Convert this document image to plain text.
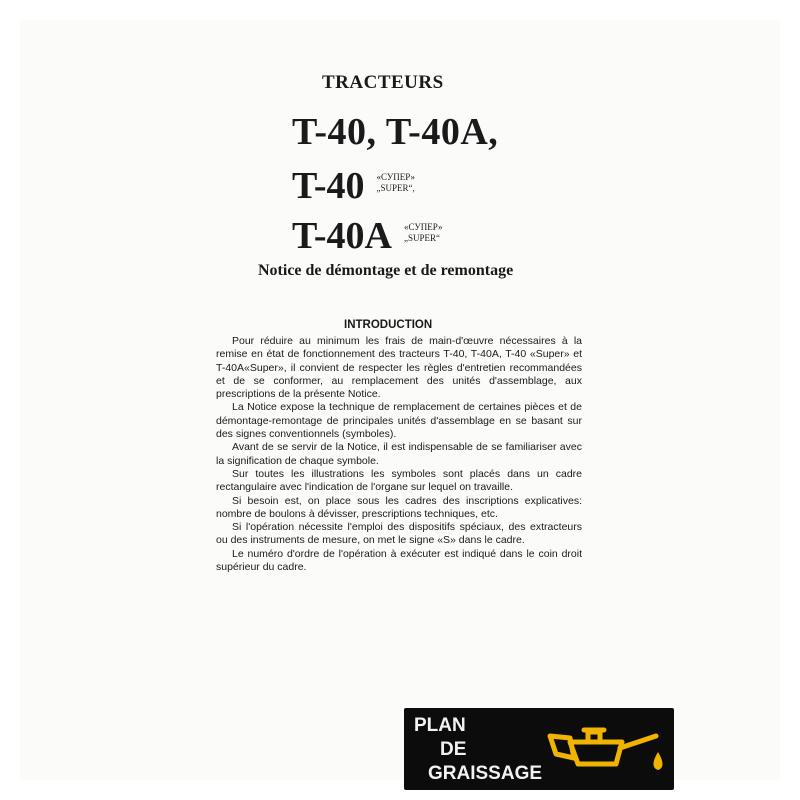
TRACTEURS
T-40, T-40A,
T-40 «СУПЕР»
„SUPER“,
T-40A «СУПЕР»
„SUPER“
Notice de démontage et de remontage
INTRODUCTION

Pour réduire au minimum les frais de main-d'œuvre nécessaires à la remise en état de fonctionnement des tracteurs T-40, T-40A, T-40 «Super» et T-40A«Super», il convient de respecter les règles d'entretien recommandées et de se conformer, au remplacement des unités d'assemblage, aux prescriptions de la présente Notice.

La Notice expose la technique de remplacement de certaines pièces et de démontage-remontage de principales unités d'assemblage en se basant sur des signes conventionnels (symboles).

Avant de se servir de la Notice, il est indispensable de se familiariser avec la signification de chaque symbole.

Sur toutes les illustrations les symboles sont placés dans un cadre rectangulaire avec l'indication de l'organe sur lequel on travaille.

Si besoin est, on place sous les cadres des inscriptions explicatives: nombre de boulons à dévisser, prescriptions techniques, etc.

Si l'opération nécessite l'emploi des dispositifs spéciaux, des extracteurs ou des instruments de mesure, on met le signe «S» dans le cadre.

Le numéro d'ordre de l'opération à exécuter est indiqué dans le coin droit supérieur du cadre.

PLAN
DE
GRAISSAGE
